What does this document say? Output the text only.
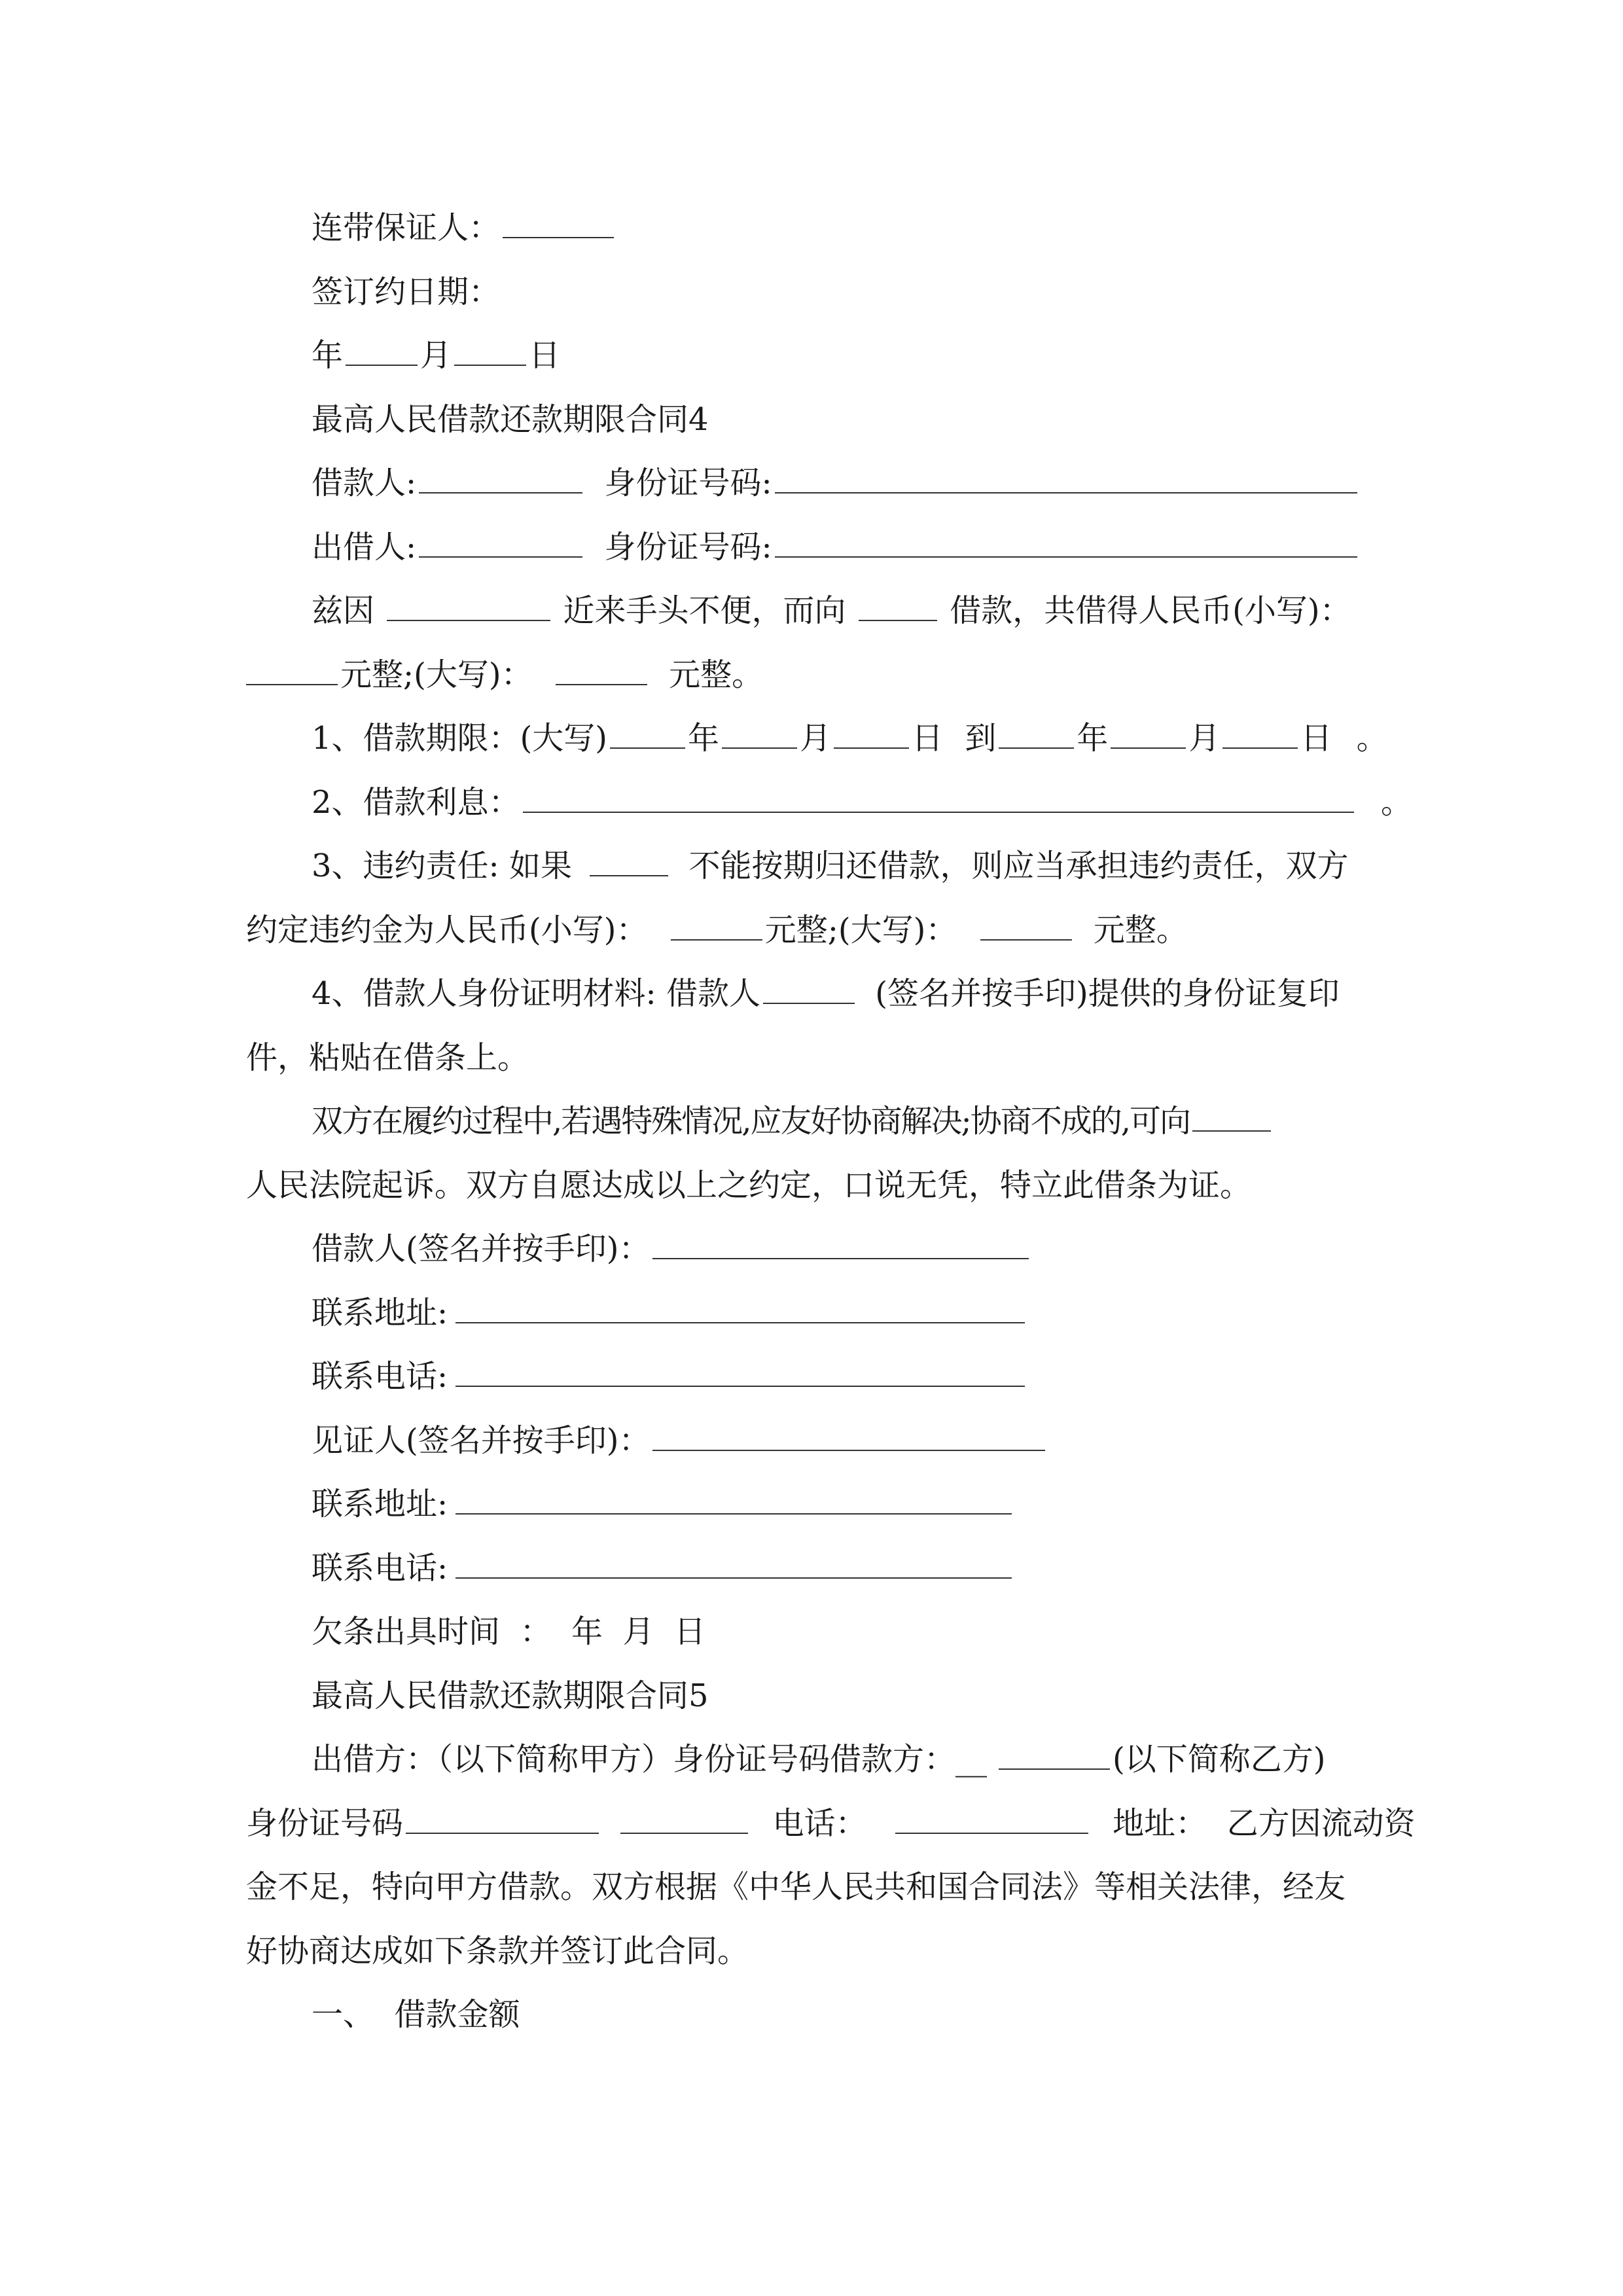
连带保证人：
签订约日期：
年 月 日
最高人民借款还款期限合同4
借款人:	身份证号码:
出借人:	身份证号码:
兹因	近来手头不便，而向	借款，共借得人民币(小写)：
元整;(大写)：	元整。
1、借款期限：(大写)	年	月	日 到	年	月	日 。
2、借款利息：	。
3、违约责任: 如果	不能按期归还借款，则应当承担违约责任，双方
约定违约金为人民币(小写)：	元整;(大写)：	元整。
4、借款人身份证明材料: 借款人	(签名并按手印)提供的身份证复印
件，粘贴在借条上。
双方在履约过程中,若遇特殊情况,应友好协商解决;协商不成的,可向
人民法院起诉。双方自愿达成以上之约定，口说无凭，特立此借条为证。
借款人(签名并按手印)：
联系地址:
联系电话:
见证人(签名并按手印)：
联系地址:
联系电话:
欠条出具时间  ：  年  月  日
最高人民借款还款期限合同5
出借方：（以下简称甲方）身份证号码借款方：__	(以下简称乙方)
身份证号码	电话：	地址：  乙方因流动资
金不足，特向甲方借款。双方根据《中华人民共和国合同法》等相关法律，经友
好协商达成如下条款并签订此合同。
一、  借款金额
